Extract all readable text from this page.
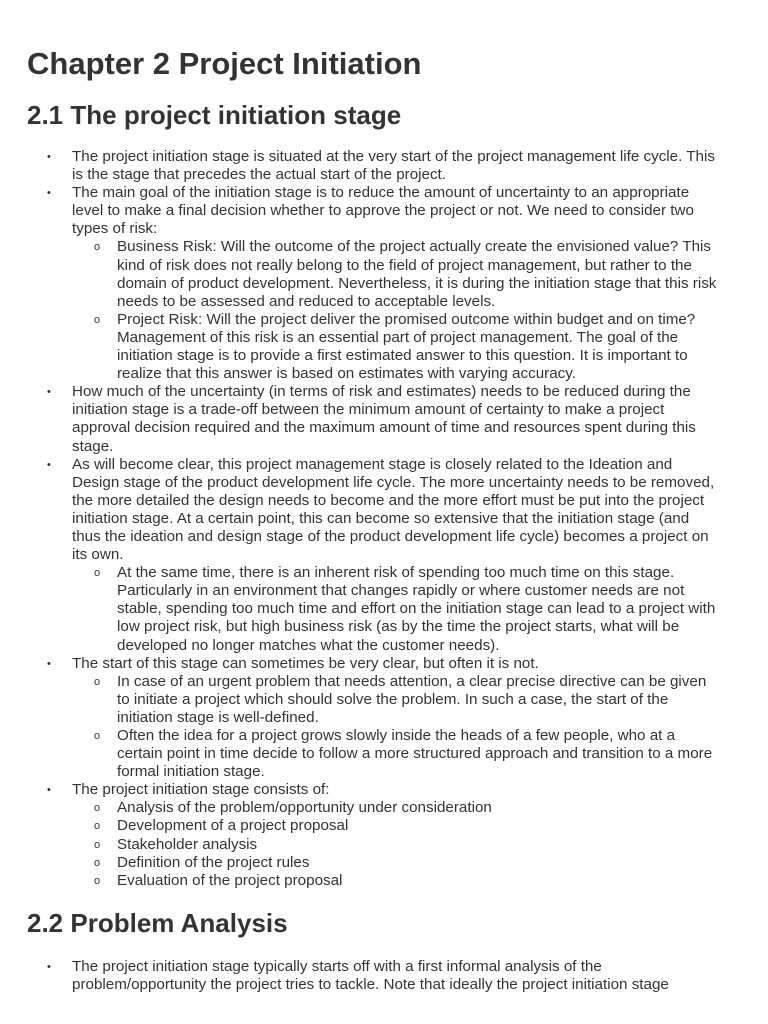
Chapter 2 Project Initiation
2.1 The project initiation stage
• The project initiation stage is situated at the very start of the project management life cycle. This is the stage that precedes the actual start of the project.
• The main goal of the initiation stage is to reduce the amount of uncertainty to an appropriate level to make a final decision whether to approve the project or not. We need to consider two types of risk:
o Business Risk: Will the outcome of the project actually create the envisioned value? This kind of risk does not really belong to the field of project management, but rather to the domain of product development. Nevertheless, it is during the initiation stage that this risk needs to be assessed and reduced to acceptable levels.
o Project Risk: Will the project deliver the promised outcome within budget and on time? Management of this risk is an essential part of project management. The goal of the initiation stage is to provide a first estimated answer to this question. It is important to realize that this answer is based on estimates with varying accuracy.
• How much of the uncertainty (in terms of risk and estimates) needs to be reduced during the initiation stage is a trade-off between the minimum amount of certainty to make a project approval decision required and the maximum amount of time and resources spent during this stage.
• As will become clear, this project management stage is closely related to the Ideation and Design stage of the product development life cycle. The more uncertainty needs to be removed, the more detailed the design needs to become and the more effort must be put into the project initiation stage. At a certain point, this can become so extensive that the initiation stage (and thus the ideation and design stage of the product development life cycle) becomes a project on its own.
o At the same time, there is an inherent risk of spending too much time on this stage. Particularly in an environment that changes rapidly or where customer needs are not stable, spending too much time and effort on the initiation stage can lead to a project with low project risk, but high business risk (as by the time the project starts, what will be developed no longer matches what the customer needs).
• The start of this stage can sometimes be very clear, but often it is not.
o In case of an urgent problem that needs attention, a clear precise directive can be given to initiate a project which should solve the problem. In such a case, the start of the initiation stage is well-defined.
o Often the idea for a project grows slowly inside the heads of a few people, who at a certain point in time decide to follow a more structured approach and transition to a more formal initiation stage.
• The project initiation stage consists of:
o Analysis of the problem/opportunity under consideration
o Development of a project proposal
o Stakeholder analysis
o Definition of the project rules
o Evaluation of the project proposal
2.2 Problem Analysis
• The project initiation stage typically starts off with a first informal analysis of the problem/opportunity the project tries to tackle. Note that ideally the project initiation stage
